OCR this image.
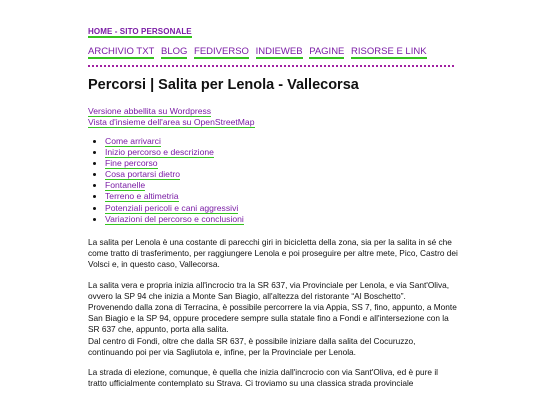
HOME - SITO PERSONALE
ARCHIVIO TXT BLOG FEDIVERSO INDIEWEB PAGINE RISORSE E LINK
Percorsi | Salita per Lenola - Vallecorsa
Versione abbellita su Wordpress
Vista d'insieme dell'area su OpenStreetMap
• Come arrivarci
• Inizio percorso e descrizione
• Fine percorso
• Cosa portarsi dietro
• Fontanelle
• Terreno e altimetria
• Potenziali pericoli e cani aggressivi
• Variazioni del percorso e conclusioni

La salita per Lenola è una costante di parecchi giri in bicicletta della zona, sia per la salita in sé che come tratto di trasferimento, per raggiungere Lenola e poi proseguire per altre mete, Pico, Castro dei Volsci e, in questo caso, Vallecorsa.

La salita vera e propria inizia all'incrocio tra la SR 637, via Provinciale per Lenola, e via Sant'Oliva, ovvero la SP 94 che inizia a Monte San Biagio, all'altezza del ristorante “Al Boschetto”.
Provenendo dalla zona di Terracina, è possibile percorrere la via Appia, SS 7, fino, appunto, a Monte San Biagio e la SP 94, oppure procedere sempre sulla statale fino a Fondi e all'intersezione con la SR 637 che, appunto, porta alla salita.
Dal centro di Fondi, oltre che dalla SR 637, è possibile iniziare dalla salita del Cocuruzzo, continuando poi per via Sagliutola e, infine, per la Provinciale per Lenola.

La strada di elezione, comunque, è quella che inizia dall'incrocio con via Sant'Oliva, ed è pure il tratto ufficialmente contemplato su Strava. Ci troviamo su una classica strada provinciale
